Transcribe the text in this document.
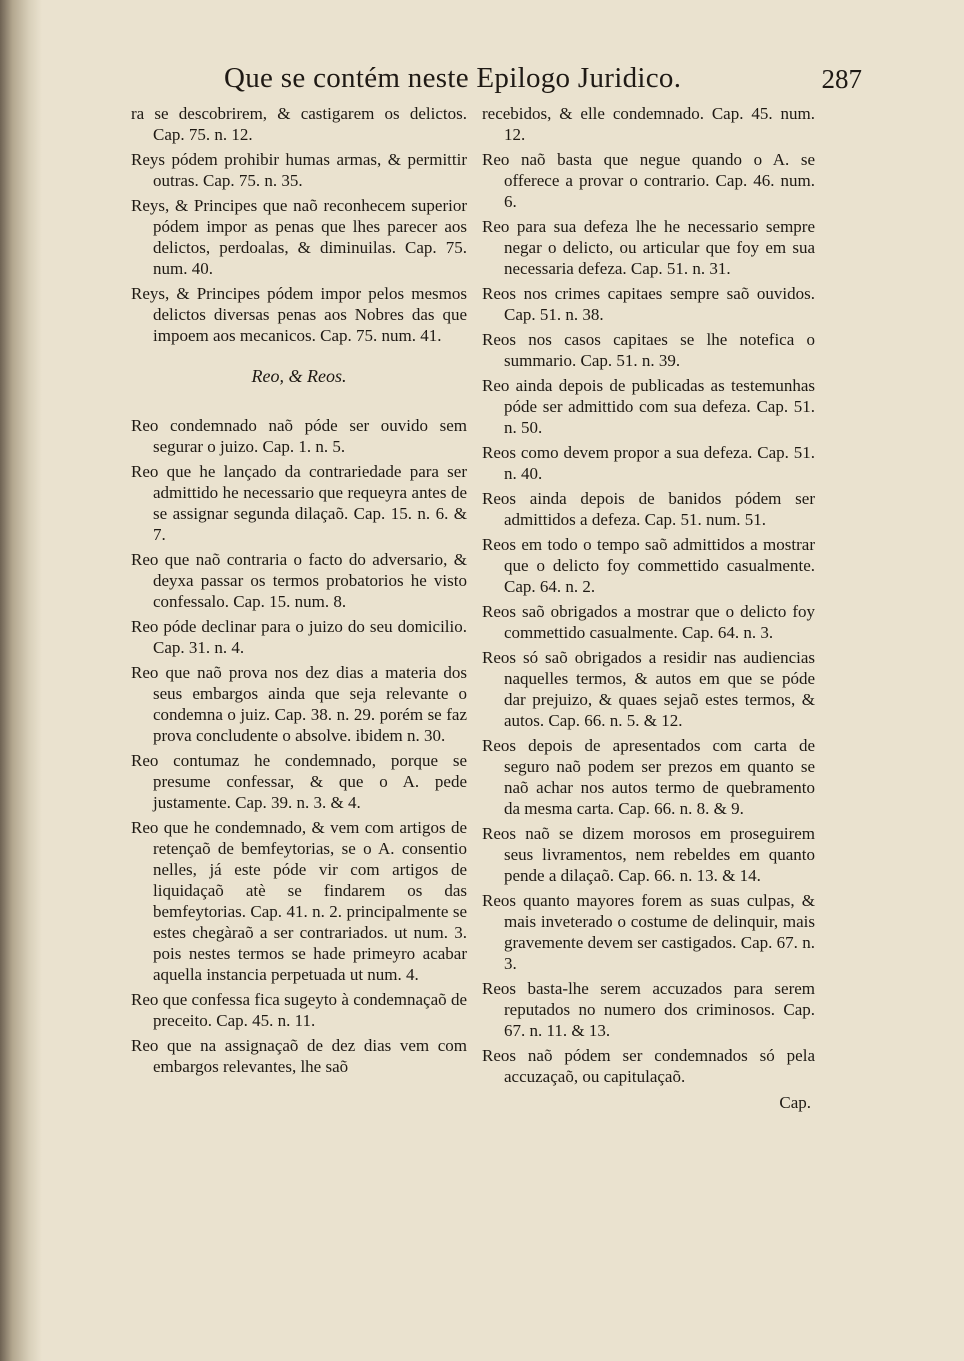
Que se contém neste Epilogo Juridico.	287

ra se descobrirem, & castigarem os delictos. Cap. 75. n. 12.

Reys pódem prohibir humas armas, & permittir outras. Cap. 75. n. 35.

Reys, & Principes que naõ reconhecem superior pódem impor as penas que lhes parecer aos delictos, perdoalas, & diminuilas. Cap. 75. num. 40.

Reys, & Principes pódem impor pelos mesmos delictos diversas penas aos Nobres das que impoem aos mecanicos. Cap. 75. num. 41.

Reo, & Reos.

Reo condemnado naõ póde ser ouvido sem segurar o juizo. Cap. 1. n. 5.

Reo que he lançado da contrariedade para ser admittido he necessario que requeyra antes de se assignar segunda dilaçaõ. Cap. 15. n. 6. & 7.

Reo que naõ contraria o facto do adversario, & deyxa passar os termos probatorios he visto confessalo. Cap. 15. num. 8.

Reo póde declinar para o juizo do seu domicilio. Cap. 31. n. 4.

Reo que naõ prova nos dez dias a materia dos seus embargos ainda que seja relevante o condemna o juiz. Cap. 38. n. 29. porém se faz prova concludente o absolve. ibidem n. 30.

Reo contumaz he condemnado, porque se presume confessar, & que o A. pede justamente. Cap. 39. n. 3. & 4.

Reo que he condemnado, & vem com artigos de retençaõ de bemfeytorias, se o A. consentio nelles, já este póde vir com artigos de liquidaçaõ atè se findarem os das bemfeytorias. Cap. 41. n. 2. principalmente se estes chegàraõ a ser contrariados. ut num. 3. pois nestes termos se hade primeyro acabar aquella instancia perpetuada ut num. 4.

Reo que confessa fica sugeyto à condemnaçaõ de preceito. Cap. 45. n. 11.

Reo que na assignaçaõ de dez dias vem com embargos relevantes, lhe saõ

recebidos, & elle condemnado. Cap. 45. num. 12.

Reo naõ basta que negue quando o A. se offerece a provar o contrario. Cap. 46. num. 6.

Reo para sua defeza lhe he necessario sempre negar o delicto, ou articular que foy em sua necessaria defeza. Cap. 51. n. 31.

Reos nos crimes capitaes sempre saõ ouvidos. Cap. 51. n. 38.

Reos nos casos capitaes se lhe notefica o summario. Cap. 51. n. 39.

Reo ainda depois de publicadas as testemunhas póde ser admittido com sua defeza. Cap. 51. n. 50.

Reos como devem propor a sua defeza. Cap. 51. n. 40.

Reos ainda depois de banidos pódem ser admittidos a defeza. Cap. 51. num. 51.

Reos em todo o tempo saõ admittidos a mostrar que o delicto foy commettido casualmente. Cap. 64. n. 2.

Reos saõ obrigados a mostrar que o delicto foy commettido casualmente. Cap. 64. n. 3.

Reos só saõ obrigados a residir nas audiencias naquelles termos, & autos em que se póde dar prejuizo, & quaes sejaõ estes termos, & autos. Cap. 66. n. 5. & 12.

Reos depois de apresentados com carta de seguro naõ podem ser prezos em quanto se naõ achar nos autos termo de quebramento da mesma carta. Cap. 66. n. 8. & 9.

Reos naõ se dizem morosos em proseguirem seus livramentos, nem rebeldes em quanto pende a dilaçaõ. Cap. 66. n. 13. & 14.

Reos quanto mayores forem as suas culpas, & mais inveterado o costume de delinquir, mais gravemente devem ser castigados. Cap. 67. n. 3.

Reos basta-lhe serem accuzados para serem reputados no numero dos criminosos. Cap. 67. n. 11. & 13.

Reos naõ pódem ser condemnados só pela accuzaçaõ, ou capitulaçaõ.

Cap.
